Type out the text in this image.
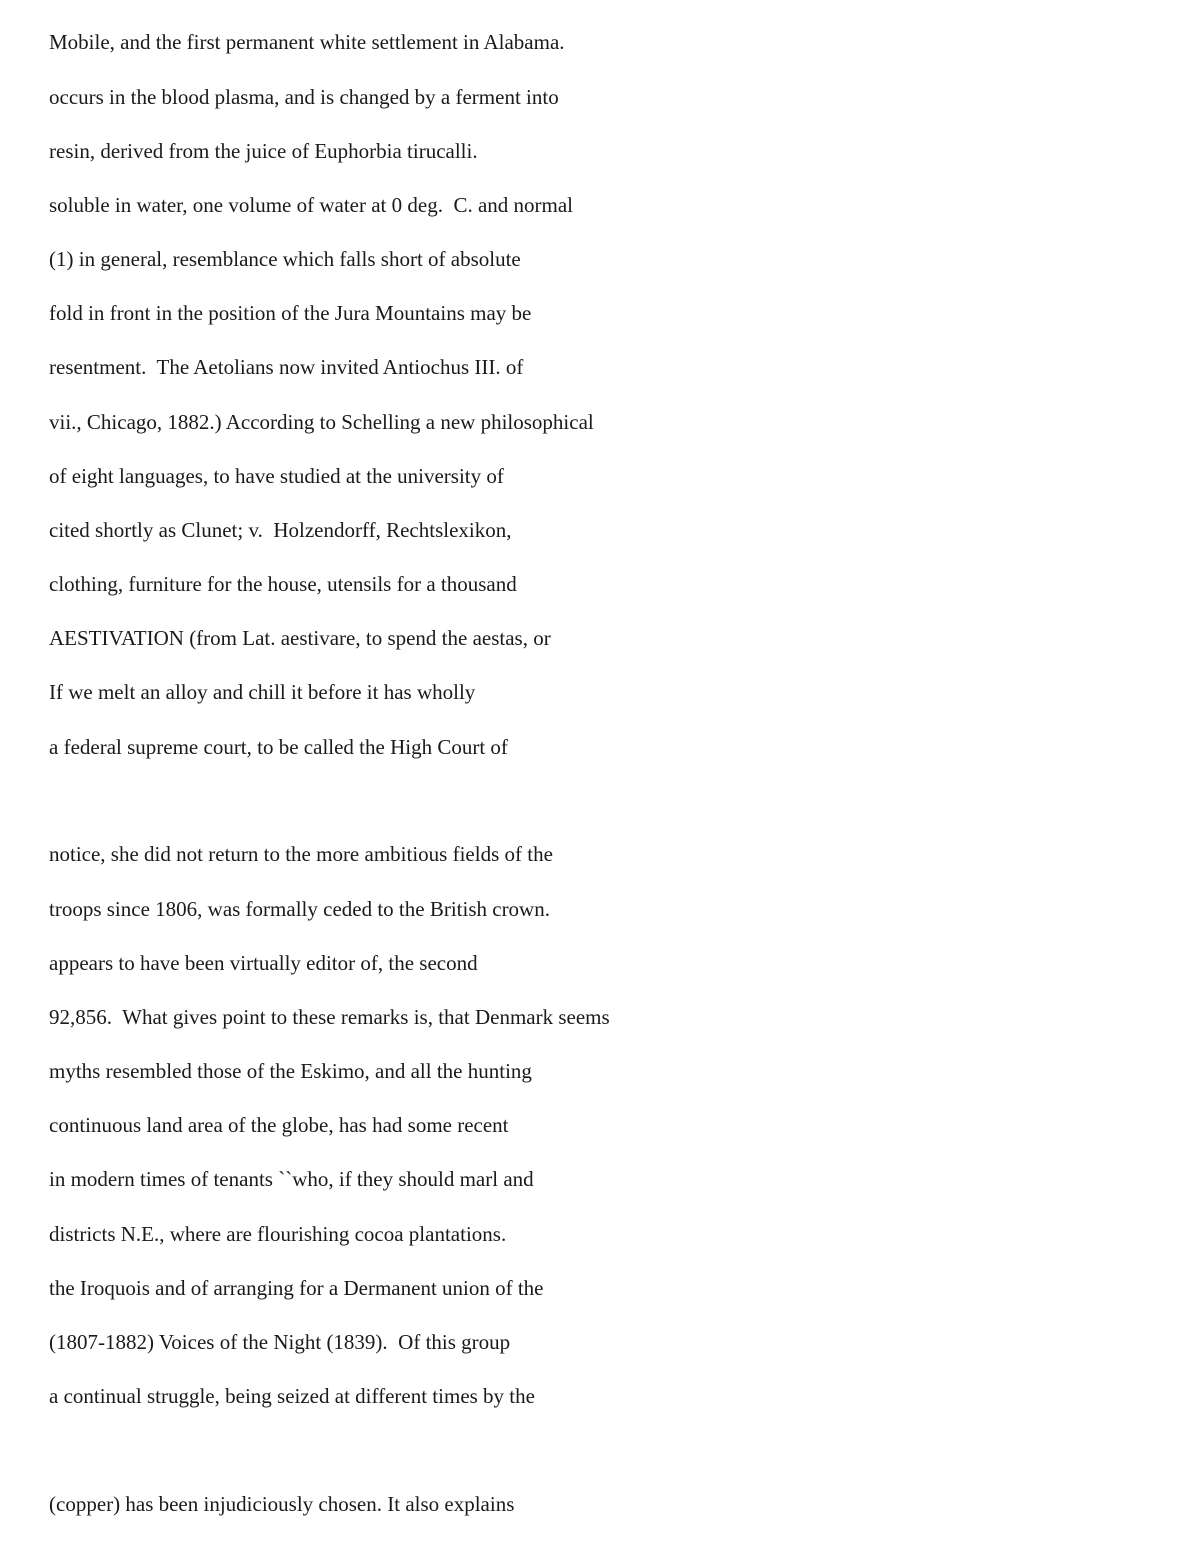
Mobile, and the first permanent white settlement in Alabama.

occurs in the blood plasma, and is changed by a ferment into

resin, derived from the juice of Euphorbia tirucalli.

soluble in water, one volume of water at 0 deg.  C. and normal

(1) in general, resemblance which falls short of absolute

fold in front in the position of the Jura Mountains may be

resentment.  The Aetolians now invited Antiochus III. of

vii., Chicago, 1882.) According to Schelling a new philosophical

of eight languages, to have studied at the university of

cited shortly as Clunet; v.  Holzendorff, Rechtslexikon,

clothing, furniture for the house, utensils for a thousand

AESTIVATION (from Lat. aestivare, to spend the aestas, or

If we melt an alloy and chill it before it has wholly

a federal supreme court, to be called the High Court of

notice, she did not return to the more ambitious fields of the

troops since 1806, was formally ceded to the British crown.

appears to have been virtually editor of, the second

92,856.  What gives point to these remarks is, that Denmark seems

myths resembled those of the Eskimo, and all the hunting

continuous land area of the globe, has had some recent

in modern times of tenants ``who, if they should marl and

districts N.E., where are flourishing cocoa plantations.

the Iroquois and of arranging for a Dermanent union of the

(1807-1882) Voices of the Night (1839).  Of this group

a continual struggle, being seized at different times by the

(copper) has been injudiciously chosen. It also explains
